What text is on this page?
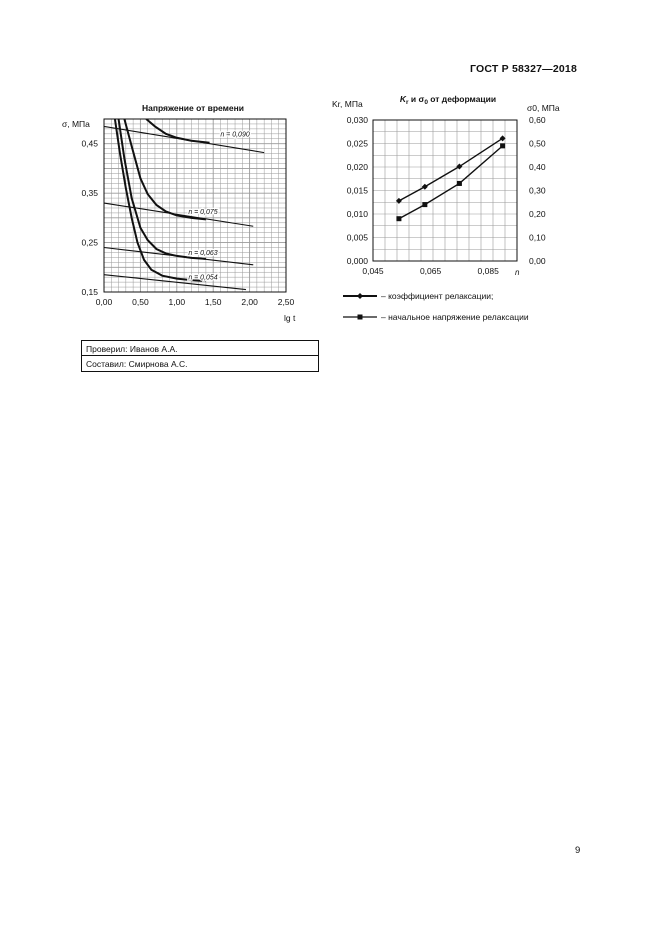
ГОСТ Р 58327—2018
Напряжение от времени
σ, МПа
lg t
0,00 0,50 1,00 1,50 2,00 2,50
0,15
0,25
0,35
0,45
n = 0,090
n = 0,075
n = 0,063
n = 0,054
$K_r$ и $\sigma_0$ от деформации
Kr, МПа	σ0, МПа
n
– коэффициент релаксации;
– начальное напряжение релаксации
0,000
0,005
0,010
0,015
0,020
0,025
0,030
0,00
0,10
0,20
0,30
0,40
0,50
0,60
0,045	0,065	0,085
Проверил: Иванов А.А.
Составил: Смирнова А.С.
9
